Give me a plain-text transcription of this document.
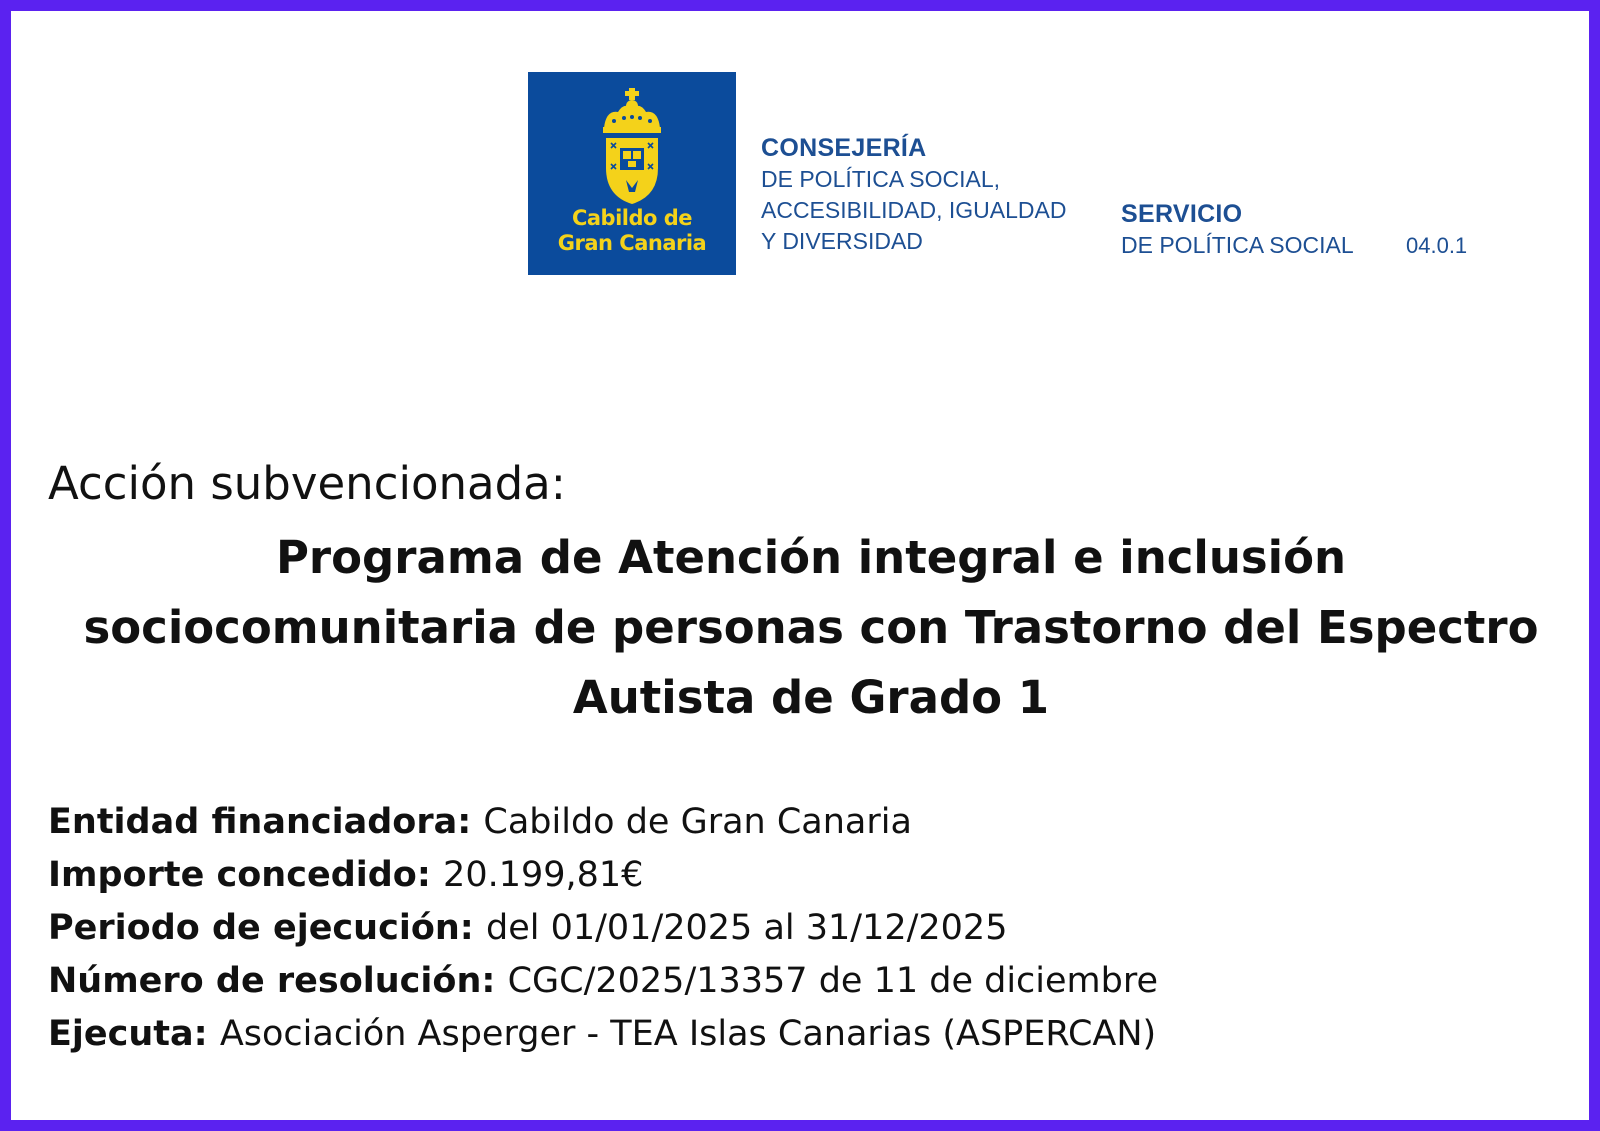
Cabildo de
Gran Canaria
CONSEJERÍA
DE POLÍTICA SOCIAL,
ACCESIBILIDAD, IGUALDAD
Y DIVERSIDAD
SERVICIO
DE POLÍTICA SOCIAL 04.0.1
Acción subvencionada:
Programa de Atención integral e inclusión
sociocomunitaria de personas con Trastorno del Espectro
Autista de Grado 1
Entidad financiadora: Cabildo de Gran Canaria
Importe concedido: 20.199,81€
Periodo de ejecución: del 01/01/2025 al 31/12/2025
Número de resolución: CGC/2025/13357 de 11 de diciembre
Ejecuta: Asociación Asperger - TEA Islas Canarias (ASPERCAN)
